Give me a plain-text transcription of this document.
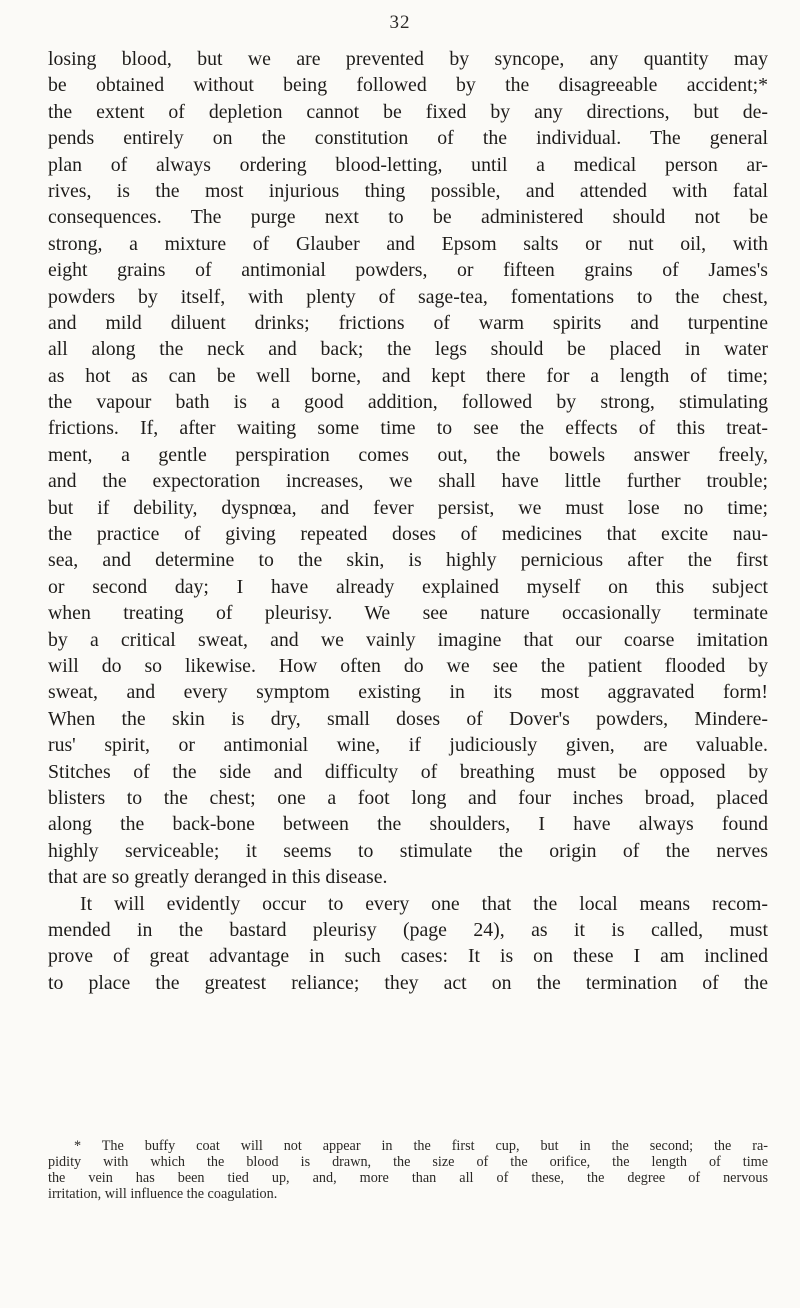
32
losing blood, but we are prevented by syncope, any quantity may
be obtained without being followed by the disagreeable accident;*
the extent of depletion cannot be fixed by any directions, but de-
pends entirely on the constitution of the individual. The general
plan of always ordering blood-letting, until a medical person ar-
rives, is the most injurious thing possible, and attended with fatal
consequences. The purge next to be administered should not be
strong, a mixture of Glauber and Epsom salts or nut oil, with
eight grains of antimonial powders, or fifteen grains of James's
powders by itself, with plenty of sage-tea, fomentations to the chest,
and mild diluent drinks; frictions of warm spirits and turpentine
all along the neck and back; the legs should be placed in water
as hot as can be well borne, and kept there for a length of time;
the vapour bath is a good addition, followed by strong, stimulating
frictions. If, after waiting some time to see the effects of this treat-
ment, a gentle perspiration comes out, the bowels answer freely,
and the expectoration increases, we shall have little further trouble;
but if debility, dyspnœa, and fever persist, we must lose no time;
the practice of giving repeated doses of medicines that excite nau-
sea, and determine to the skin, is highly pernicious after the first
or second day; I have already explained myself on this subject
when treating of pleurisy. We see nature occasionally terminate
by a critical sweat, and we vainly imagine that our coarse imitation
will do so likewise. How often do we see the patient flooded by
sweat, and every symptom existing in its most aggravated form!
When the skin is dry, small doses of Dover's powders, Mindere-
rus' spirit, or antimonial wine, if judiciously given, are valuable.
Stitches of the side and difficulty of breathing must be opposed by
blisters to the chest; one a foot long and four inches broad, placed
along the back-bone between the shoulders, I have always found
highly serviceable; it seems to stimulate the origin of the nerves
that are so greatly deranged in this disease.
It will evidently occur to every one that the local means recom-
mended in the bastard pleurisy (page 24), as it is called, must
prove of great advantage in such cases: It is on these I am inclined
to place the greatest reliance; they act on the termination of the
* The buffy coat will not appear in the first cup, but in the second; the ra-
pidity with which the blood is drawn, the size of the orifice, the length of time
the vein has been tied up, and, more than all of these, the degree of nervous
irritation, will influence the coagulation.
